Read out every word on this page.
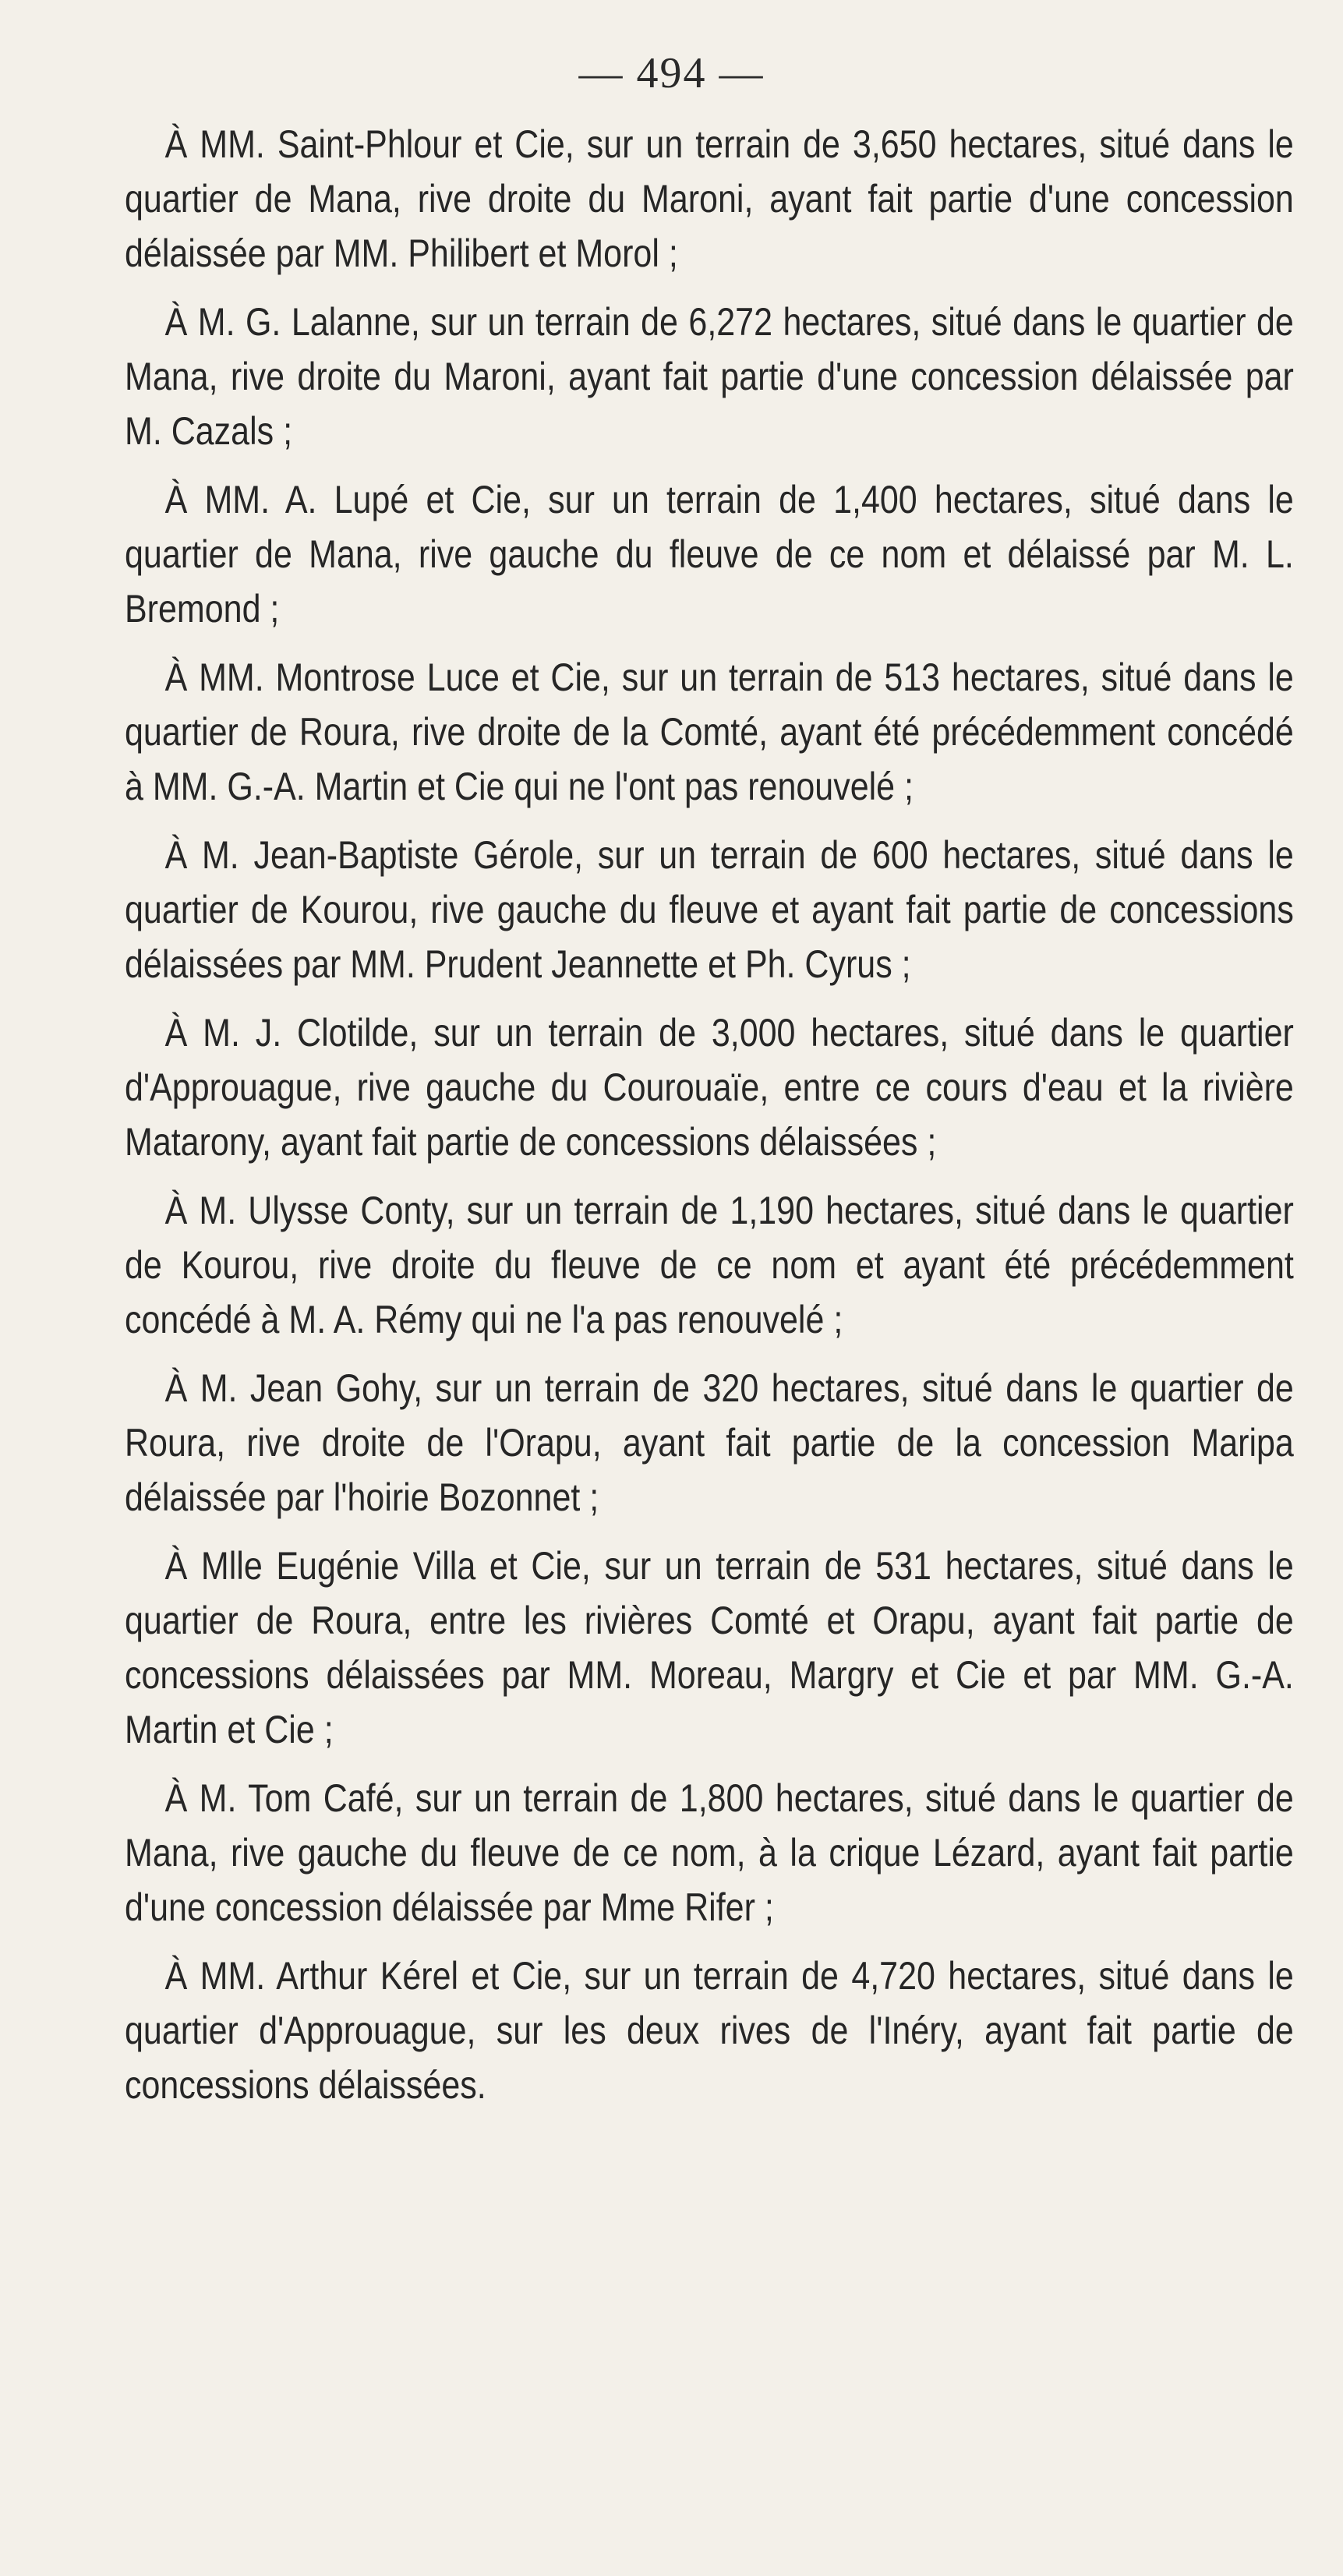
— 494 —

À MM. Saint-Phlour et Cie, sur un terrain de 3,650 hectares, situé dans le quartier de Mana, rive droite du Maroni, ayant fait partie d'une concession délaissée par MM. Philibert et Morol ;

À M. G. Lalanne, sur un terrain de 6,272 hectares, situé dans le quartier de Mana, rive droite du Maroni, ayant fait partie d'une concession délaissée par M. Cazals ;

À MM. A. Lupé et Cie, sur un terrain de 1,400 hectares, situé dans le quartier de Mana, rive gauche du fleuve de ce nom et délaissé par M. L. Bremond ;

À MM. Montrose Luce et Cie, sur un terrain de 513 hectares, situé dans le quartier de Roura, rive droite de la Comté, ayant été précédemment concédé à MM. G.-A. Martin et Cie qui ne l'ont pas renouvelé ;

À M. Jean-Baptiste Gérole, sur un terrain de 600 hectares, situé dans le quartier de Kourou, rive gauche du fleuve et ayant fait partie de concessions délaissées par MM. Prudent Jeannette et Ph. Cyrus ;

À M. J. Clotilde, sur un terrain de 3,000 hectares, situé dans le quartier d'Approuague, rive gauche du Courouaïe, entre ce cours d'eau et la rivière Matarony, ayant fait partie de concessions délaissées ;

À M. Ulysse Conty, sur un terrain de 1,190 hectares, situé dans le quartier de Kourou, rive droite du fleuve de ce nom et ayant été précédemment concédé à M. A. Rémy qui ne l'a pas renouvelé ;

À M. Jean Gohy, sur un terrain de 320 hectares, situé dans le quartier de Roura, rive droite de l'Orapu, ayant fait partie de la concession Maripa délaissée par l'hoirie Bozonnet ;

À Mlle Eugénie Villa et Cie, sur un terrain de 531 hectares, situé dans le quartier de Roura, entre les rivières Comté et Orapu, ayant fait partie de concessions délaissées par MM. Moreau, Margry et Cie et par MM. G.-A. Martin et Cie ;

À M. Tom Café, sur un terrain de 1,800 hectares, situé dans le quartier de Mana, rive gauche du fleuve de ce nom, à la crique Lézard, ayant fait partie d'une concession délaissée par Mme Rifer ;

À MM. Arthur Kérel et Cie, sur un terrain de 4,720 hectares, situé dans le quartier d'Approuague, sur les deux rives de l'Inéry, ayant fait partie de concessions délaissées.
